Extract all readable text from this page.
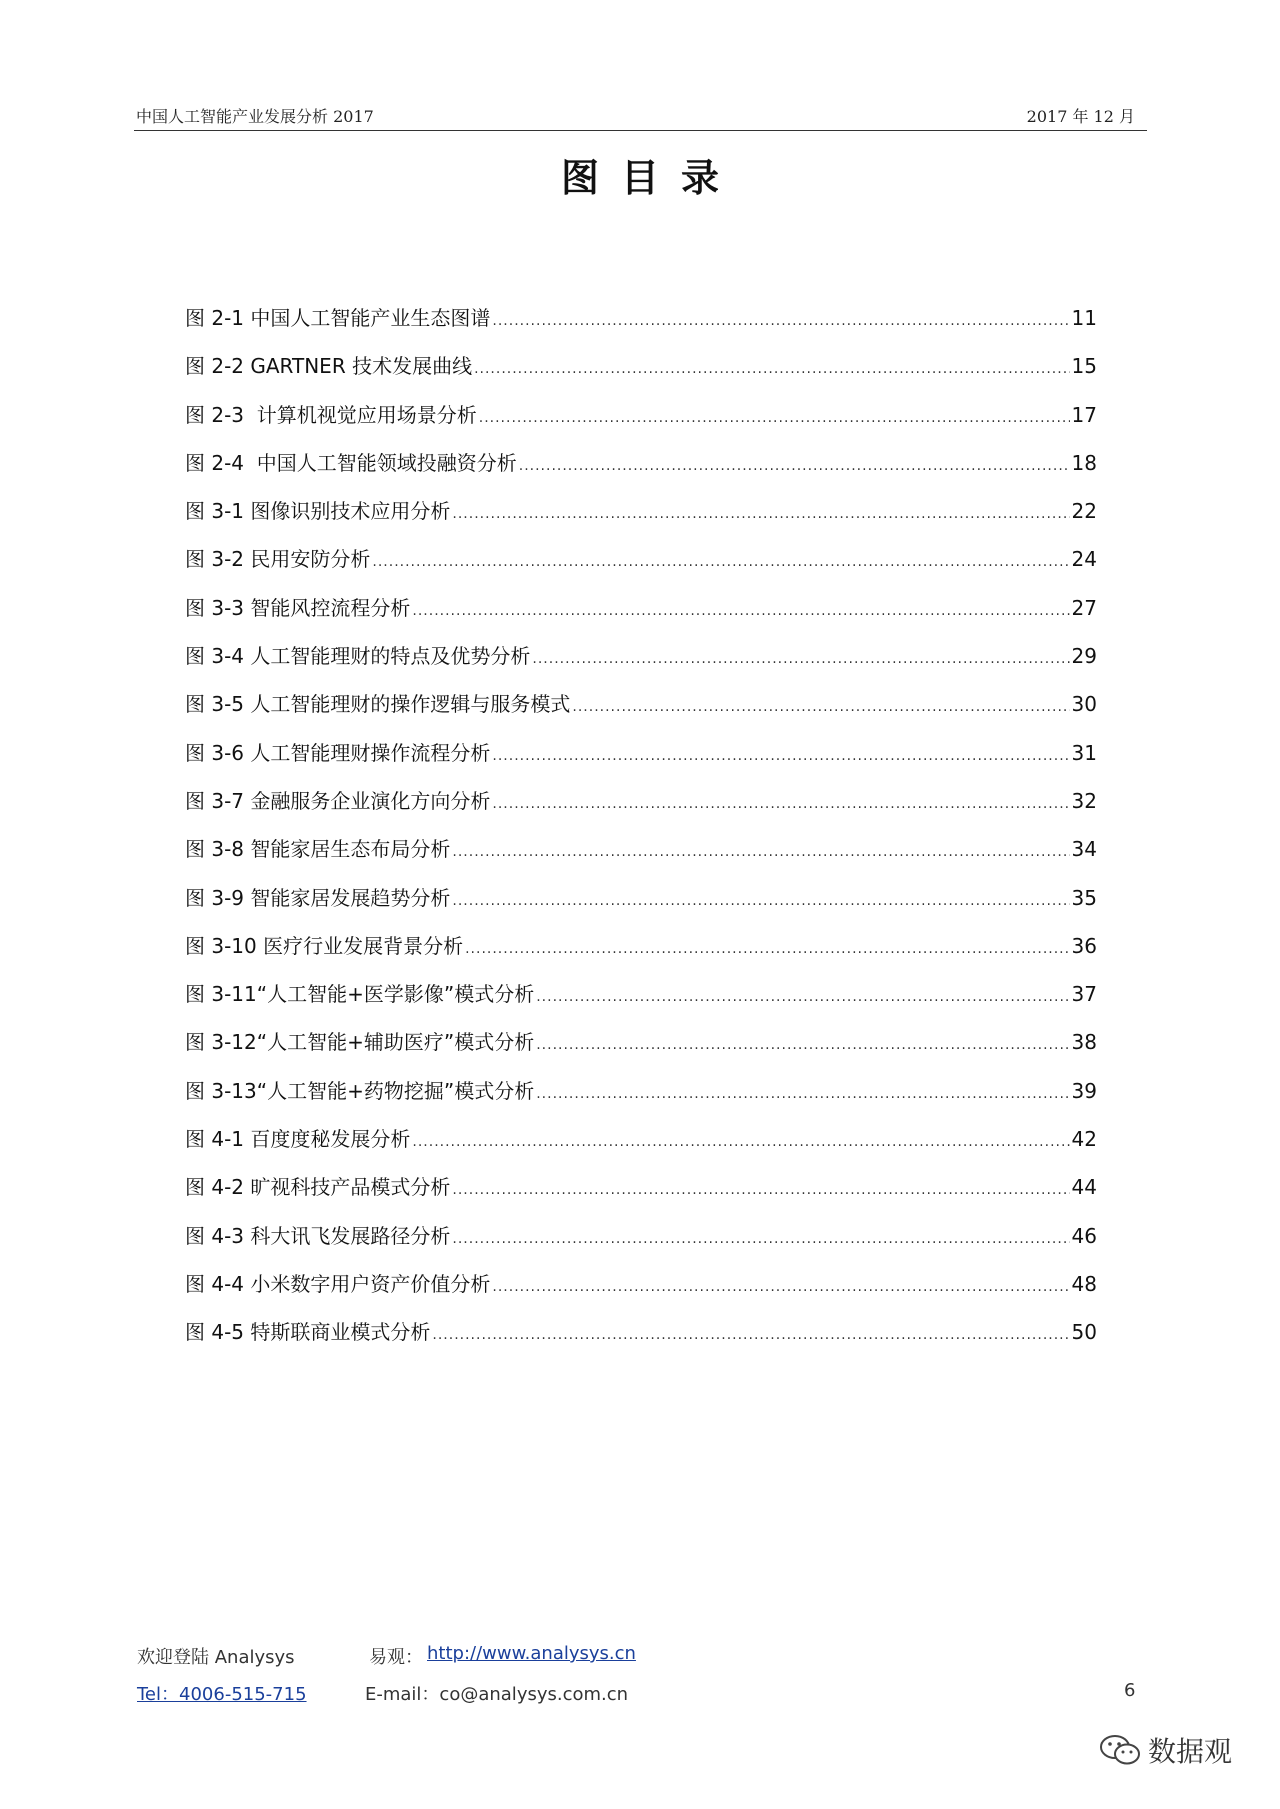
中国人工智能产业发展分析 2017	2017 年 12 月
图目录
图 2-1 中国人工智能产业生态图谱 .....	11
图 2-2 GARTNER 技术发展曲线 .....	15
图 2-3  计算机视觉应用场景分析 .....	17
图 2-4  中国人工智能领域投融资分析 .....	18
图 3-1 图像识别技术应用分析 .....	22
图 3-2 民用安防分析 .....	24
图 3-3 智能风控流程分析 .....	27
图 3-4 人工智能理财的特点及优势分析 .....	29
图 3-5 人工智能理财的操作逻辑与服务模式 .....	30
图 3-6 人工智能理财操作流程分析 .....	31
图 3-7 金融服务企业演化方向分析 .....	32
图 3-8 智能家居生态布局分析 .....	34
图 3-9 智能家居发展趋势分析 .....	35
图 3-10 医疗行业发展背景分析 .....	36
图 3-11“人工智能+医学影像”模式分析 .....	37
图 3-12“人工智能+辅助医疗”模式分析 .....	38
图 3-13“人工智能+药物挖掘”模式分析 .....	39
图 4-1 百度度秘发展分析 .....	42
图 4-2 旷视科技产品模式分析 .....	44
图 4-3 科大讯飞发展路径分析 .....	46
图 4-4 小米数字用户资产价值分析 .....	48
图 4-5 特斯联商业模式分析 .....	50
欢迎登陆 Analysys	易观： http://www.analysys.cn
Tel：4006-515-715	E-mail：co@analysys.com.cn	6
数据观
